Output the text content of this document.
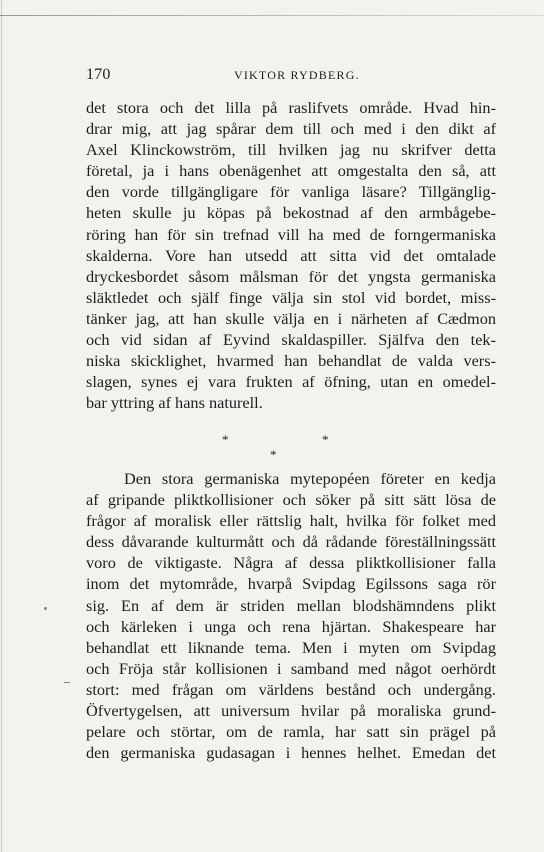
170	VIKTOR RYDBERG.
det stora och det lilla på raslifvets område. Hvad hin-
drar mig, att jag spårar dem till och med i den dikt af
Axel Klinckowström, till hvilken jag nu skrifver detta
företal, ja i hans obenägenhet att omgestalta den så, att
den vorde tillgängligare för vanliga läsare? Tillgänglig-
heten skulle ju köpas på bekostnad af den armbågebe-
röring han för sin trefnad vill ha med de forngermaniska
skalderna. Vore han utsedd att sitta vid det omtalade
dryckesbordet såsom målsman för det yngsta germaniska
släktledet och själf finge välja sin stol vid bordet, miss-
tänker jag, att han skulle välja en i närheten af Cædmon
och vid sidan af Eyvind skaldaspiller. Själfva den tek-
niska skicklighet, hvarmed han behandlat de valda vers-
slagen, synes ej vara frukten af öfning, utan en omedel-
bar yttring af hans naturell.
*	*
*
Den stora germaniska mytepopéen företer en kedja
af gripande pliktkollisioner och söker på sitt sätt lösa de
frågor af moralisk eller rättslig halt, hvilka för folket med
dess dåvarande kulturmått och då rådande föreställningssätt
voro de viktigaste. Några af dessa pliktkollisioner falla
inom det mytområde, hvarpå Svipdag Egilssons saga rör
sig. En af dem är striden mellan blodshämndens plikt
och kärleken i unga och rena hjärtan. Shakespeare har
behandlat ett liknande tema. Men i myten om Svipdag
och Fröja står kollisionen i samband med något oerhördt
stort: med frågan om världens bestånd och undergång.
Öfvertygelsen, att universum hvilar på moraliska grund-
pelare och störtar, om de ramla, har satt sin prägel på
den germaniska gudasagan i hennes helhet. Emedan det
